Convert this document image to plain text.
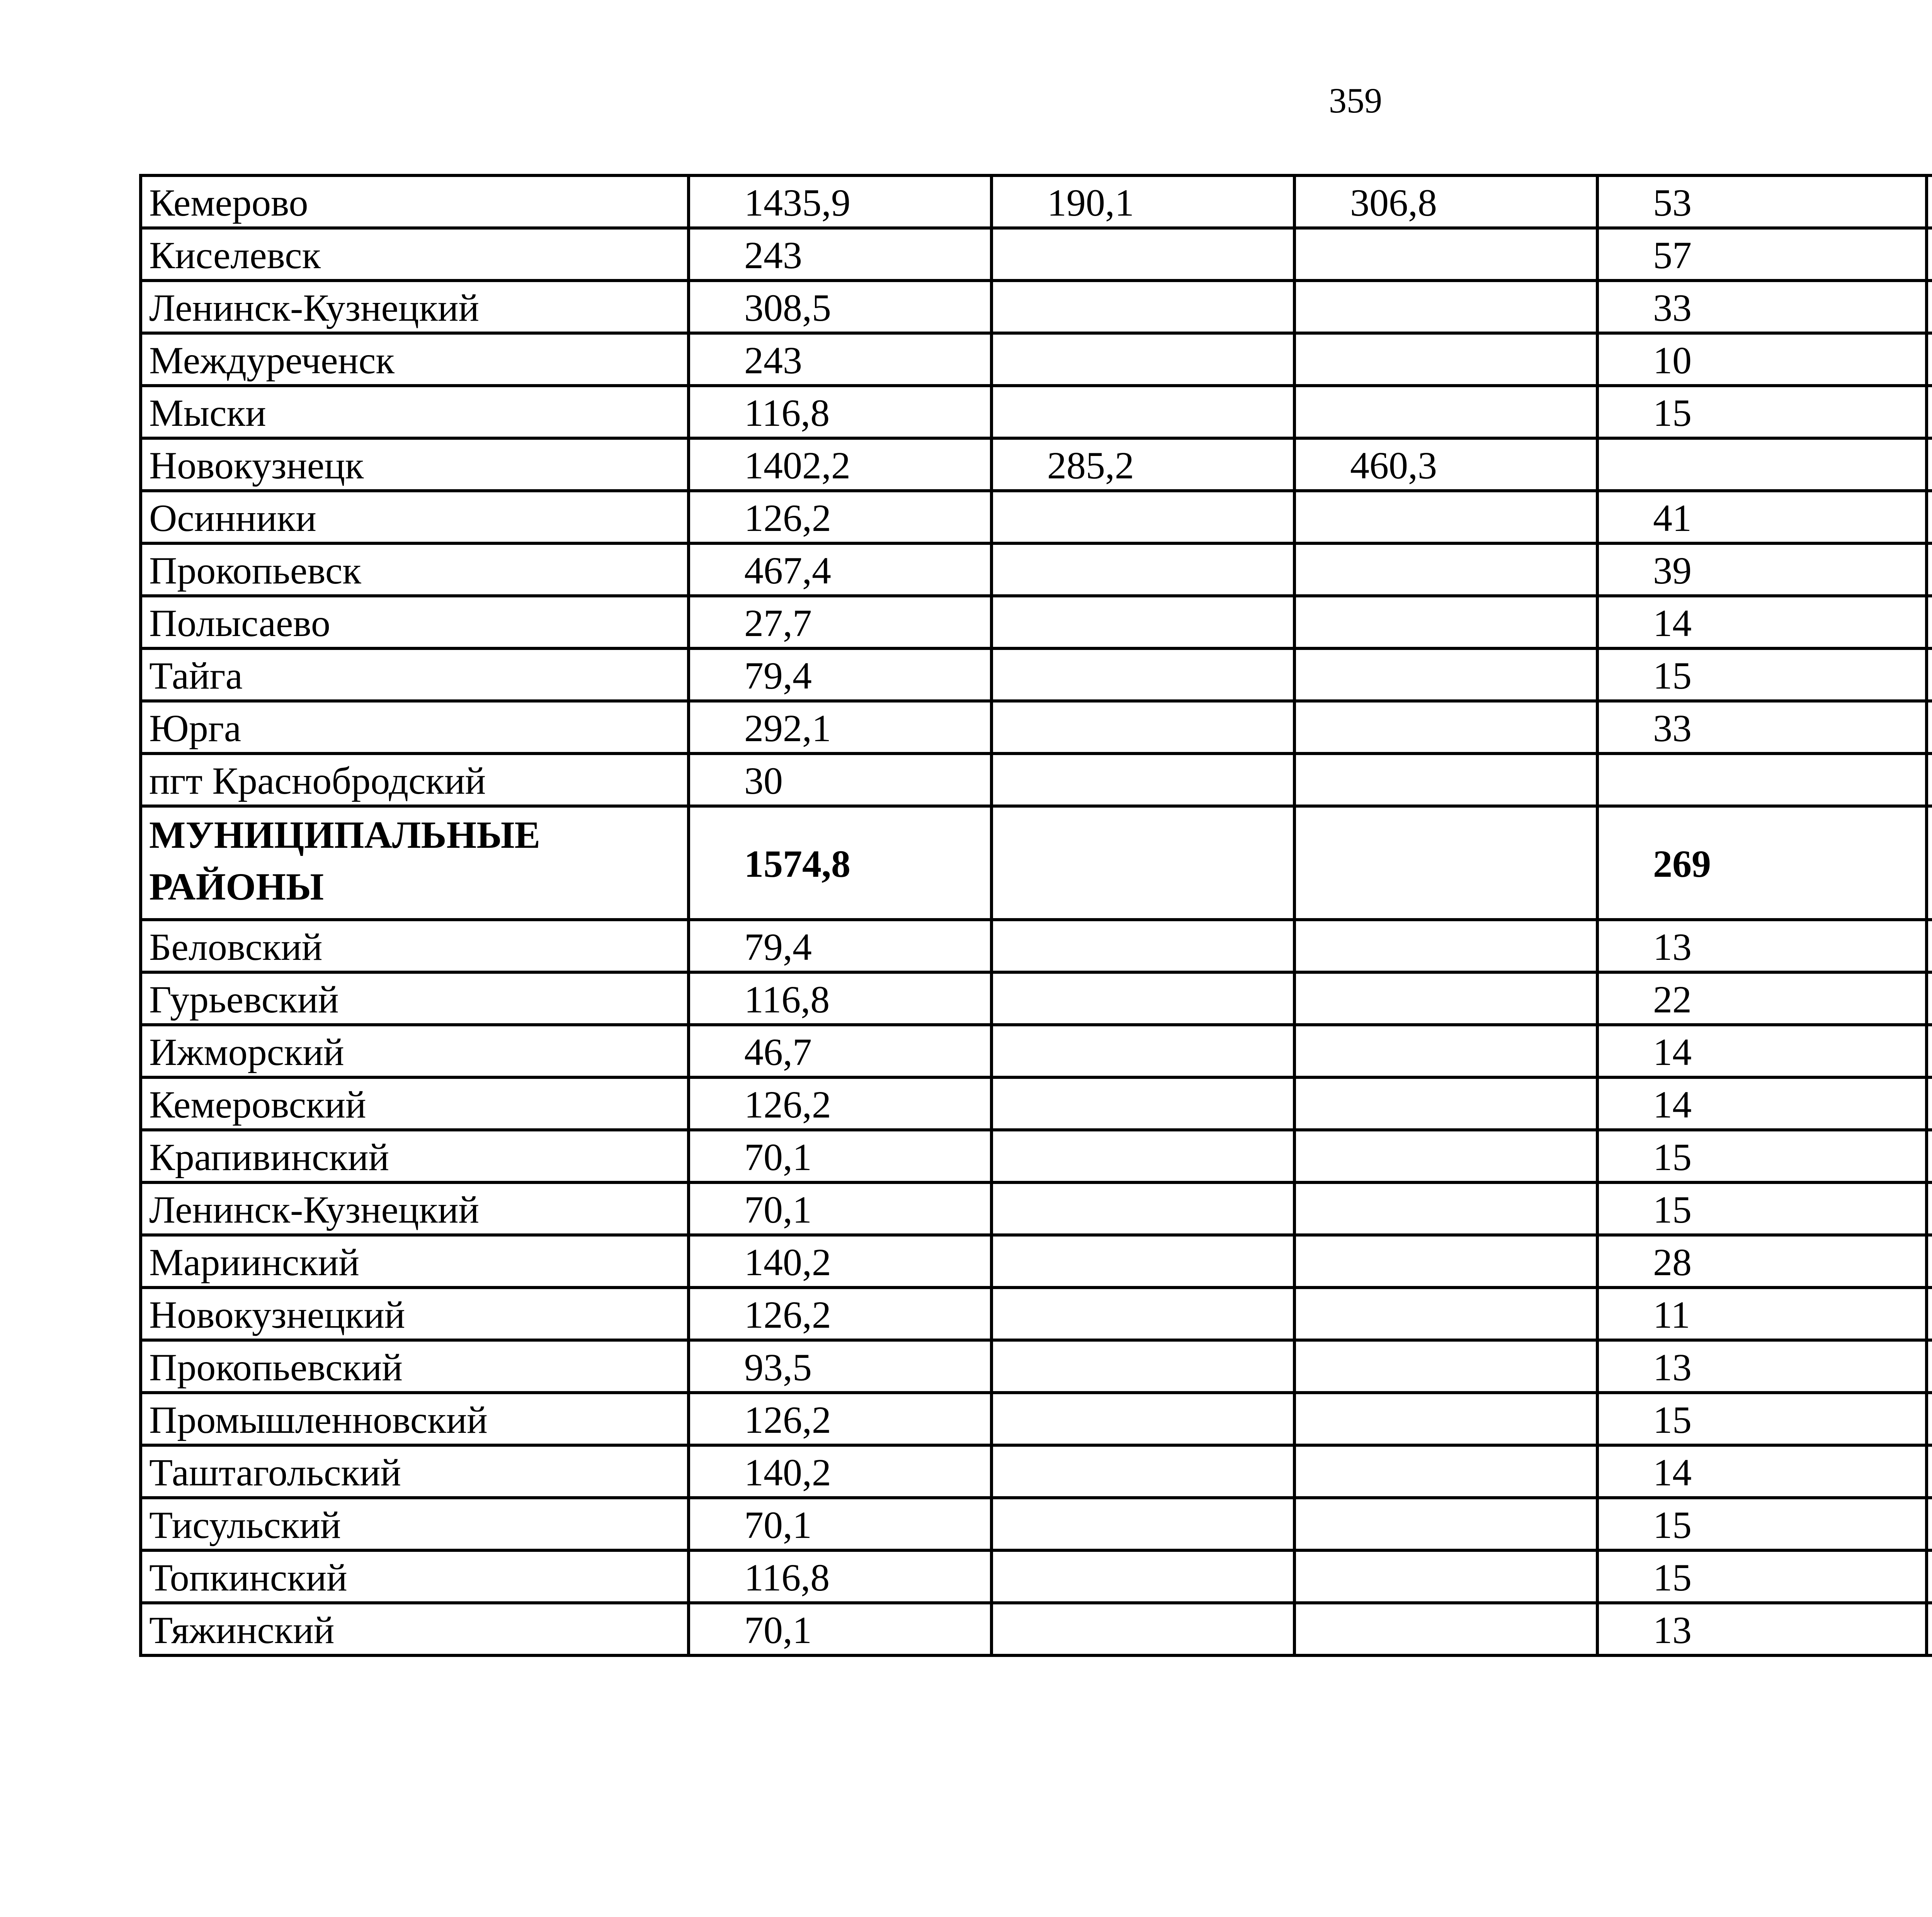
359
Кемерово	1435,9	190,1	306,8	53		
Киселевск	243			57		
Ленинск-Кузнецкий	308,5			33		
Междуреченск	243			10		
Мыски	116,8			15		
Новокузнецк	1402,2	285,2	460,3			
Осинники	126,2			41		
Прокопьевск	467,4			39		
Полысаево	27,7			14		
Тайга	79,4			15		
Юрга	292,1			33		
пгт Краснобродский	30					
МУНИЦИПАЛЬНЫЕ РАЙОНЫ	1574,8			269		
Беловский	79,4			13		
Гурьевский	116,8			22		
Ижморский	46,7			14		
Кемеровский	126,2			14		
Крапивинский	70,1			15		
Ленинск-Кузнецкий	70,1			15		
Мариинский	140,2			28		
Новокузнецкий	126,2			11		
Прокопьевский	93,5			13		
Промышленновский	126,2			15		
Таштагольский	140,2			14		
Тисульский	70,1			15		
Топкинский	116,8			15		
Тяжинский	70,1			13		
